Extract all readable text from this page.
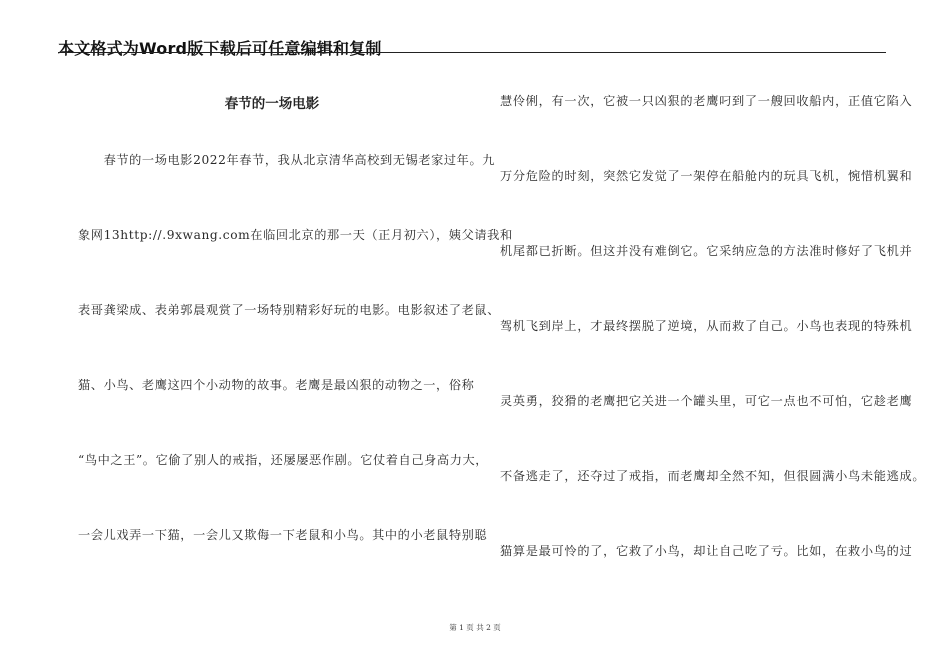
本文格式为Word版下载后可任意编辑和复制
春节的一场电影
　　春节的一场电影2022年春节，我从北京清华高校到无锡老家过年。九
象网13http://.9xwang.com在临回北京的那一天（正月初六），姨父请我和
表哥龚梁成、表弟郭晨观赏了一场特别精彩好玩的电影。电影叙述了老鼠、
猫、小鸟、老鹰这四个小动物的故事。老鹰是最凶狠的动物之一，俗称
“鸟中之王”。它偷了别人的戒指，还屡屡恶作剧。它仗着自己身高力大，
一会儿戏弄一下猫，一会儿又欺侮一下老鼠和小鸟。其中的小老鼠特别聪
慧伶俐，有一次，它被一只凶狠的老鹰叼到了一艘回收船内，正值它陷入
万分危险的时刻，突然它发觉了一架停在船舱内的玩具飞机，惋惜机翼和
机尾都已折断。但这并没有难倒它。它采纳应急的方法准时修好了飞机并
驾机飞到岸上，才最终摆脱了逆境，从而救了自己。小鸟也表现的特殊机
灵英勇，狡猾的老鹰把它关进一个罐头里，可它一点也不可怕，它趁老鹰
不备逃走了，还夺过了戒指，而老鹰却全然不知，但很圆满小鸟未能逃成。
猫算是最可怜的了，它救了小鸟，却让自己吃了亏。比如，在救小鸟的过
第 1 页 共 2 页
